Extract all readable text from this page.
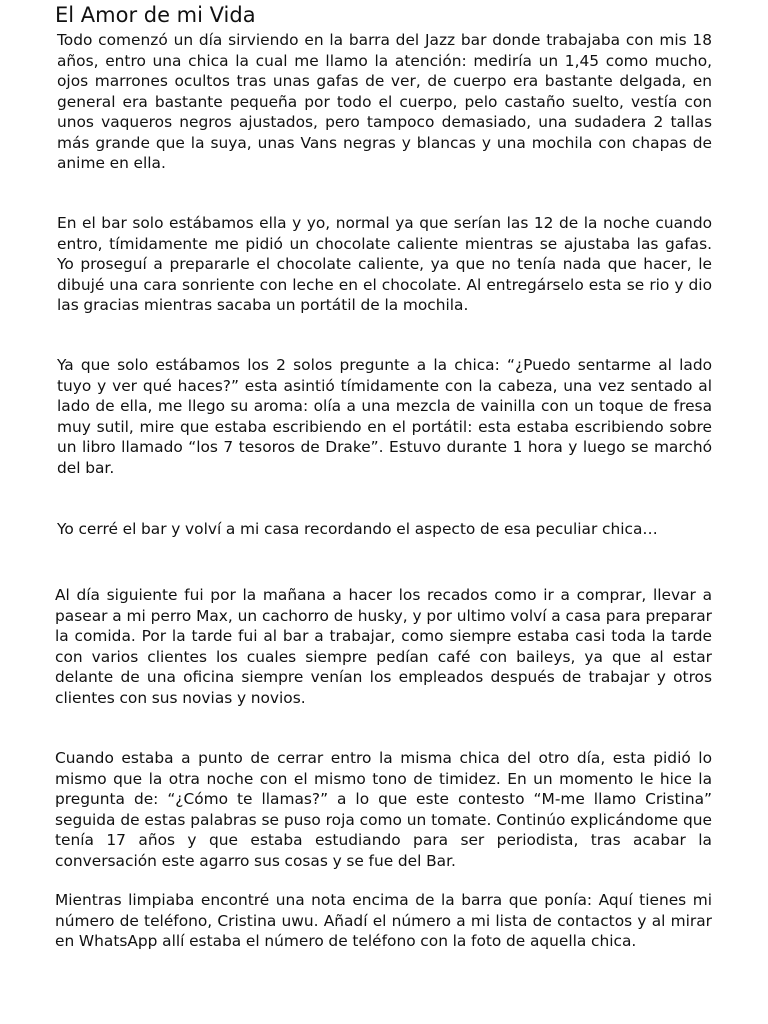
El Amor de mi Vida

Todo comenzó un día sirviendo en la barra del Jazz bar donde trabajaba con mis 18 años, entro una chica la cual me llamo la atención: mediría un 1,45 como mucho, ojos marrones ocultos tras unas gafas de ver, de cuerpo era bastante delgada, en general era bastante pequeña por todo el cuerpo, pelo castaño suelto, vestía con unos vaqueros negros ajustados, pero tampoco demasiado, una sudadera 2 tallas más grande que la suya, unas Vans negras y blancas y una mochila con chapas de anime en ella.

En el bar solo estábamos ella y yo, normal ya que serían las 12 de la noche cuando entro, tímidamente me pidió un chocolate caliente mientras se ajustaba las gafas. Yo proseguí a prepararle el chocolate caliente, ya que no tenía nada que hacer, le dibujé una cara sonriente con leche en el chocolate. Al entregárselo esta se rio y dio las gracias mientras sacaba un portátil de la mochila.

Ya que solo estábamos los 2 solos pregunte a la chica: “¿Puedo sentarme al lado tuyo y ver qué haces?” esta asintió tímidamente con la cabeza, una vez sentado al lado de ella, me llego su aroma: olía a una mezcla de vainilla con un toque de fresa muy sutil, mire que estaba escribiendo en el portátil: esta estaba escribiendo sobre un libro llamado “los 7 tesoros de Drake”. Estuvo durante 1 hora y luego se marchó del bar.

Yo cerré el bar y volví a mi casa recordando el aspecto de esa peculiar chica…

Al día siguiente fui por la mañana a hacer los recados como ir a comprar, llevar a pasear a mi perro Max, un cachorro de husky, y por ultimo volví a casa para preparar la comida. Por la tarde fui al bar a trabajar, como siempre estaba casi toda la tarde con varios clientes los cuales siempre pedían café con baileys, ya que al estar delante de una oficina siempre venían los empleados después de trabajar y otros clientes con sus novias y novios.

Cuando estaba a punto de cerrar entro la misma chica del otro día, esta pidió lo mismo que la otra noche con el mismo tono de timidez. En un momento le hice la pregunta de: “¿Cómo te llamas?” a lo que este contesto “M-me llamo Cristina” seguida de estas palabras se puso roja como un tomate. Continúo explicándome que tenía 17 años y que estaba estudiando para ser periodista, tras acabar la conversación este agarro sus cosas y se fue del Bar.

Mientras limpiaba encontré una nota encima de la barra que ponía: Aquí tienes mi número de teléfono, Cristina uwu. Añadí el número a mi lista de contactos y al mirar en WhatsApp allí estaba el número de teléfono con la foto de aquella chica.
